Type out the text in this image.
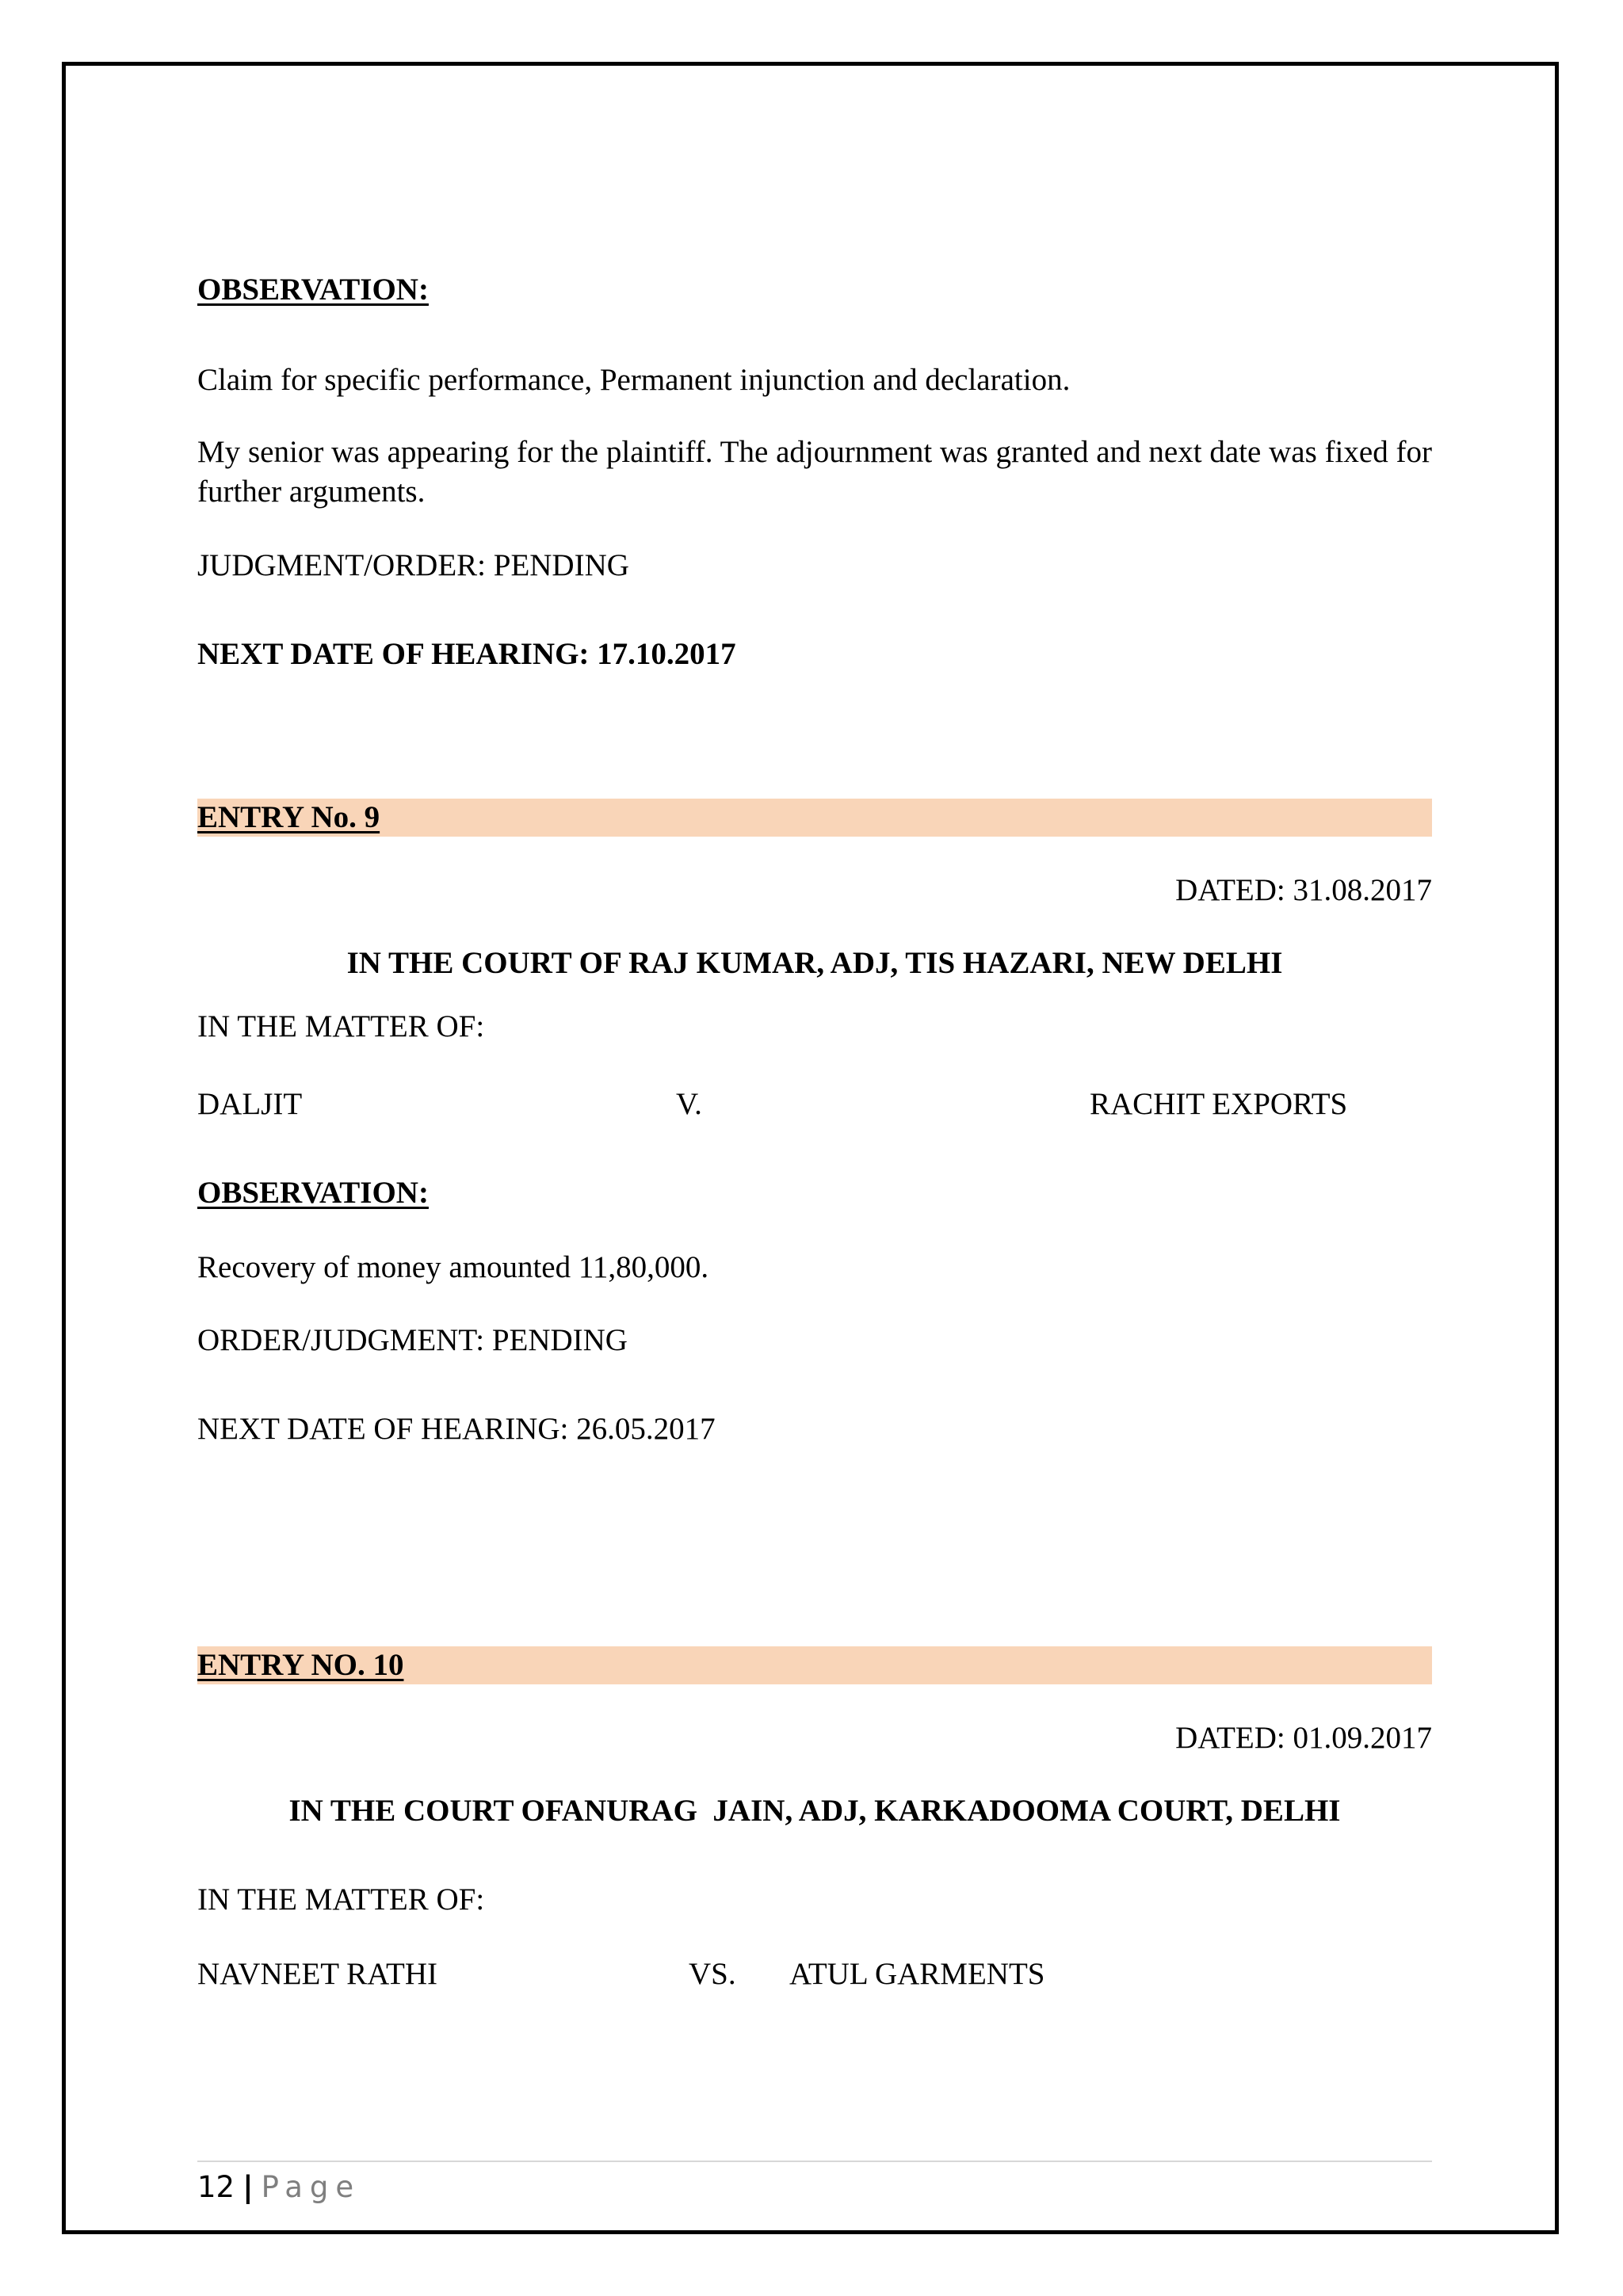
OBSERVATION:
Claim for specific performance, Permanent injunction and declaration.
My senior was appearing for the plaintiff. The adjournment was granted and next date was fixed for further arguments.
JUDGMENT/ORDER: PENDING
NEXT DATE OF HEARING: 17.10.2017
ENTRY No. 9
DATED: 31.08.2017
IN THE COURT OF RAJ KUMAR, ADJ, TIS HAZARI, NEW DELHI
IN THE MATTER OF:
DALJIT	V.	RACHIT EXPORTS
OBSERVATION:
Recovery of money amounted 11,80,000.
ORDER/JUDGMENT: PENDING
NEXT DATE OF HEARING: 26.05.2017
ENTRY NO. 10
DATED: 01.09.2017
IN THE COURT OFANURAG  JAIN, ADJ, KARKADOOMA COURT, DELHI
IN THE MATTER OF:
NAVNEET RATHI	VS. ATUL GARMENTS
12 | Page
